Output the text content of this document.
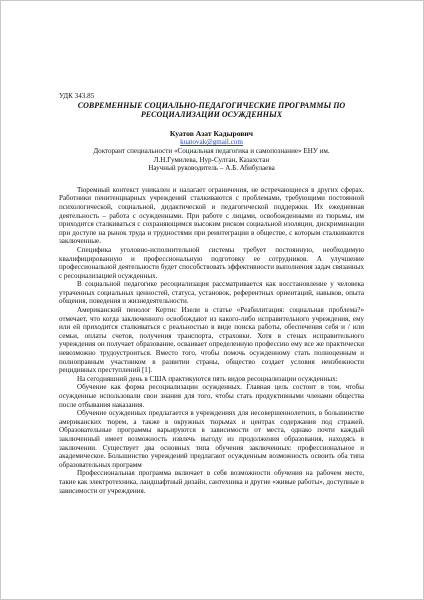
УДК 343.85

СОВРЕМЕННЫЕ СОЦИАЛЬНО-ПЕДАГОГИЧЕСКИЕ ПРОГРАММЫ ПО
РЕСОЦИАЛИЗАЦИИ ОСУЖДЕННЫХ

Куатов Азат Кадырович

kuatovak@gmail.com

Докторант специальности «Социальная педагогика и самопознание» ЕНУ им.
Л.Н.Гумилева, Нур-Султан, Казахстан

Научный руководитель – А.Б. Абибулаева

Тюремный контекст уникален и налагает ограничения, не встречающиеся в других сферах. Работники пенитенциарных учреждений сталкиваются с проблемами, требующими постоянной психологической, социальной, дидактической и педагогической поддержки. Их ежедневная деятельность – работа с осужденными. При работе с лицами, освобожденными из тюрьмы, им приходится сталкиваться с сохраняющимся высоким риском социальной изоляции, дискриминации при доступе на рынок труда и трудностями при реинтеграции в обществе, с которым сталкиваются заключенные.

Специфика уголовно-исполнительной системы требует постоянную, необходимую квалифицированную и профессиональную подготовку ее сотрудников. А улучшение профессиональной деятельности будет способствовать эффективности выполнения задач связанных с ресоциализацией осужденных.

В социальной педагогике ресоциализация рассматривается как восстановление у человека утраченных социальных ценностей, статуса, установок, референтных ориентаций, навыков, опыта общения, поведения и жизнедеятельности.

Американский пенолог Кертис Изели в статье «Реабилитация: социальная проблема?» отмечает, что когда заключенного освобождают из какого-либо исправительного учреждения, ему или ей приходится сталкиваться с реальностью в виде поиска работы, обеспечения себя и / или семьи, оплаты счетов, получения транспорта, страховки. Хотя в стенах исправительного учреждения он получает образование, осваивает определенную профессию ему все же практически невозможно трудоустроиться. Вместо того, чтобы помочь осужденному стать полноценным и полноправным участником в развитии страны, общество создает условия неизбежности рецидивных преступлений [1].

На сегодняшний день в США практикуются пять видов ресоциализации осужденных:

Обучение как форма ресоциализации осужденных. Главная цель состоит в том, чтобы осужденные использовали свои знания для того, чтобы стать продуктивными членами общества после отбывания наказания.

Обучение осужденных предлагается в учреждениях для несовершеннолетних, в большинстве американских тюрем, а также в окружных тюрьмах и центрах содержания под стражей. Образовательные программы варьируются в зависимости от места, однако почти каждый заключенный имеет возможность извлечь выгоду из продолжения образования, находясь в заключении. Существует два основных типа обучения заключенных: профессиональное и академическое. Большинство учреждений предлагают осужденным возможность освоить оба типа образовательных программ

Профессиональная программа включает в себя возможности обучения на рабочем месте, такие как электротехника, ландшафтный дизайн, сантехника и другие «живые работы», доступные в зависимости от учреждения.
